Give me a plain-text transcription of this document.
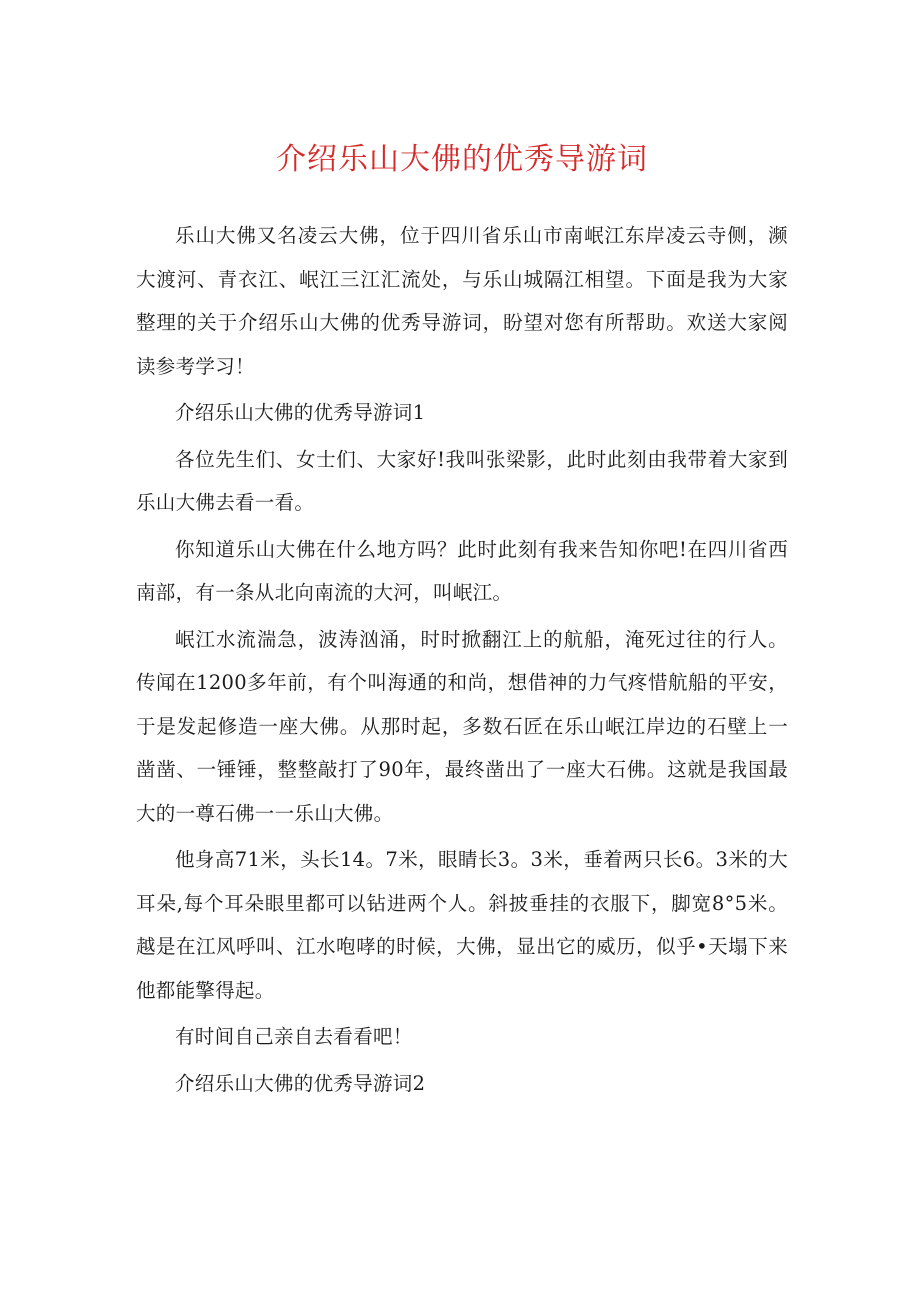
介绍乐山大佛的优秀导游词

乐山大佛又名凌云大佛，位于四川省乐山市南岷江东岸凌云寺侧，濒大渡河、青衣江、岷江三江汇流处，与乐山城隔江相望。下面是我为大家整理的关于介绍乐山大佛的优秀导游词，盼望对您有所帮助。欢送大家阅读参考学习！

介绍乐山大佛的优秀导游词1

各位先生们、女士们、大家好!我叫张梁影，此时此刻由我带着大家到乐山大佛去看一看。

你知道乐山大佛在什么地方吗？此时此刻有我来告知你吧!在四川省西南部，有一条从北向南流的大河，叫岷江。

岷江水流湍急，波涛汹涌，时时掀翻江上的航船，淹死过往的行人。传闻在1200多年前，有个叫海通的和尚，想借神的力气疼惜航船的平安，于是发起修造一座大佛。从那时起，多数石匠在乐山岷江岸边的石壁上一凿凿、一锤锤，整整敲打了90年，最终凿出了一座大石佛。这就是我国最大的一尊石佛一一乐山大佛。

他身高71米，头长14。7米，眼睛长3。3米，垂着两只长6。3米的大耳朵,每个耳朵眼里都可以钻进两个人。斜披垂挂的衣服下，脚宽8°5米。越是在江风呼叫、江水咆哮的时候，大佛，显出它的威历，似乎•天塌下来他都能擎得起。

有时间自己亲自去看看吧！

介绍乐山大佛的优秀导游词2
